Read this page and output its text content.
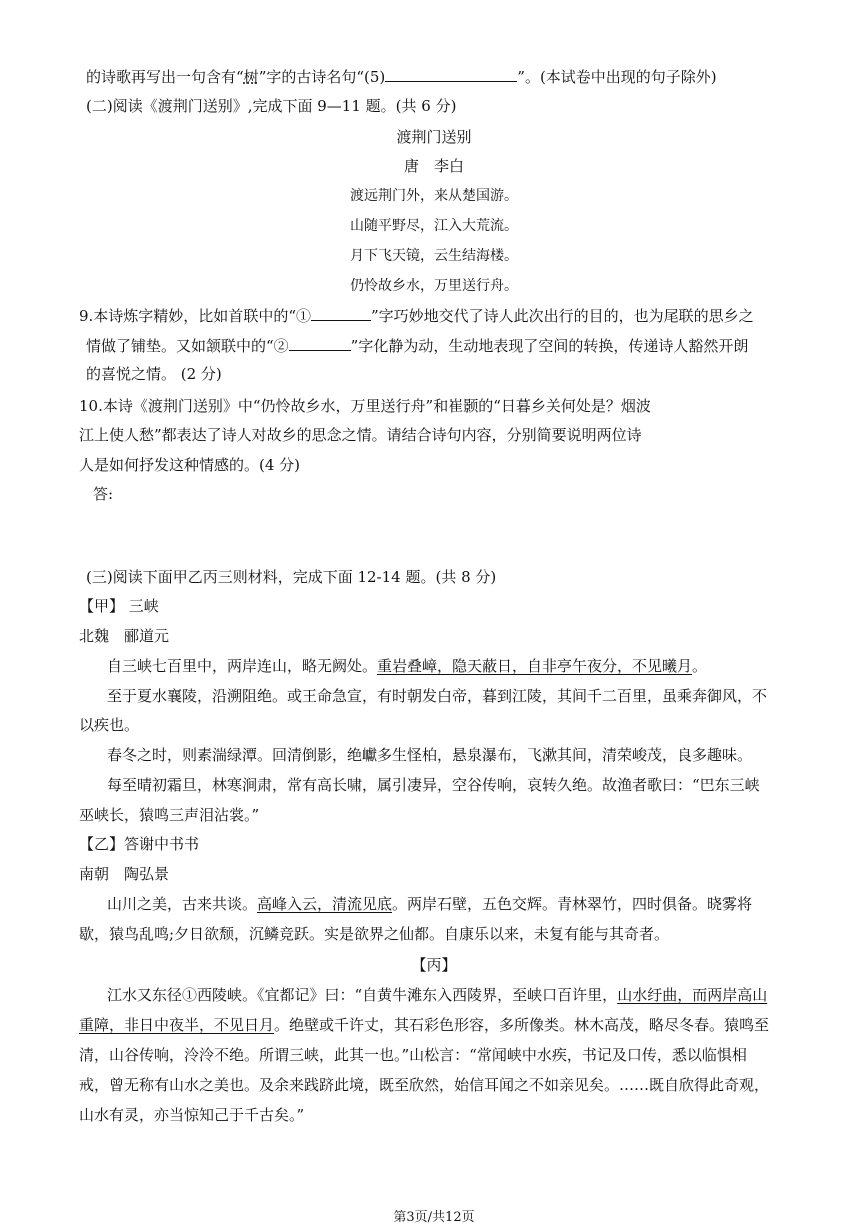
的诗歌再写出一句含有“树”字的古诗名句“(5)	”。(本试卷中出现的句子除外)
(二)阅读《渡荆门送别》,完成下面 9—11 题。(共 6 分)
渡荆门送别
唐　李白
渡远荆门外，来从楚国游。
山随平野尽，江入大荒流。
月下飞天镜，云生结海楼。
仍怜故乡水，万里送行舟。
9.本诗炼字精妙，比如首联中的“①	”字巧妙地交代了诗人此次出行的目的，也为尾联的思乡之
情做了铺垫。又如颔联中的“②	”字化静为动，生动地表现了空间的转换，传递诗人豁然开朗
的喜悦之情。 (2 分)
10.本诗《渡荆门送别》中“仍怜故乡水，万里送行舟”和崔颢的“日暮乡关何处是？烟波
江上使人愁”都表达了诗人对故乡的思念之情。请结合诗句内容，分别简要说明两位诗
人是如何抒发这种情感的。(4 分)
答:
(三)阅读下面甲乙丙三则材料，完成下面 12-14 题。(共 8 分)
【甲】 三峡
北魏　郦道元
自三峡七百里中，两岸连山，略无阙处。重岩叠嶂，隐天蔽日，自非亭午夜分，不见曦月。
至于夏水襄陵，沿溯阻绝。或王命急宣，有时朝发白帝，暮到江陵，其间千二百里，虽乘奔御风，不
以疾也。
春冬之时，则素湍绿潭。回清倒影，绝巘多生怪柏，悬泉瀑布，飞漱其间，清荣峻茂，良多趣味。
每至晴初霜旦，林寒涧肃，常有高长啸，属引凄异，空谷传响，哀转久绝。故渔者歌曰：“巴东三峡
巫峡长，猿鸣三声泪沾裳。”
【乙】答谢中书书
南朝　陶弘景
山川之美，古来共谈。高峰入云，清流见底。两岸石壁，五色交辉。青林翠竹，四时俱备。晓雾将
歇，猿鸟乱鸣;夕日欲颓，沉鳞竞跃。实是欲界之仙都。自康乐以来，未复有能与其奇者。
【丙】
江水又东径①西陵峡。《宜都记》曰：“自黄牛滩东入西陵界，至峡口百许里，山水纡曲，而两岸高山
重障，非日中夜半，不见日月。绝壁或千许丈，其石彩色形容，多所像类。林木高茂，略尽冬春。猿鸣至
清，山谷传响，泠泠不绝。所谓三峡，此其一也。”山松言：“常闻峡中水疾，书记及口传，悉以临惧相
戒，曾无称有山水之美也。及余来践跻此境，既至欣然，始信耳闻之不如亲见矣。……既自欣得此奇观，
山水有灵，亦当惊知己于千古矣。”
第3页/共12页
